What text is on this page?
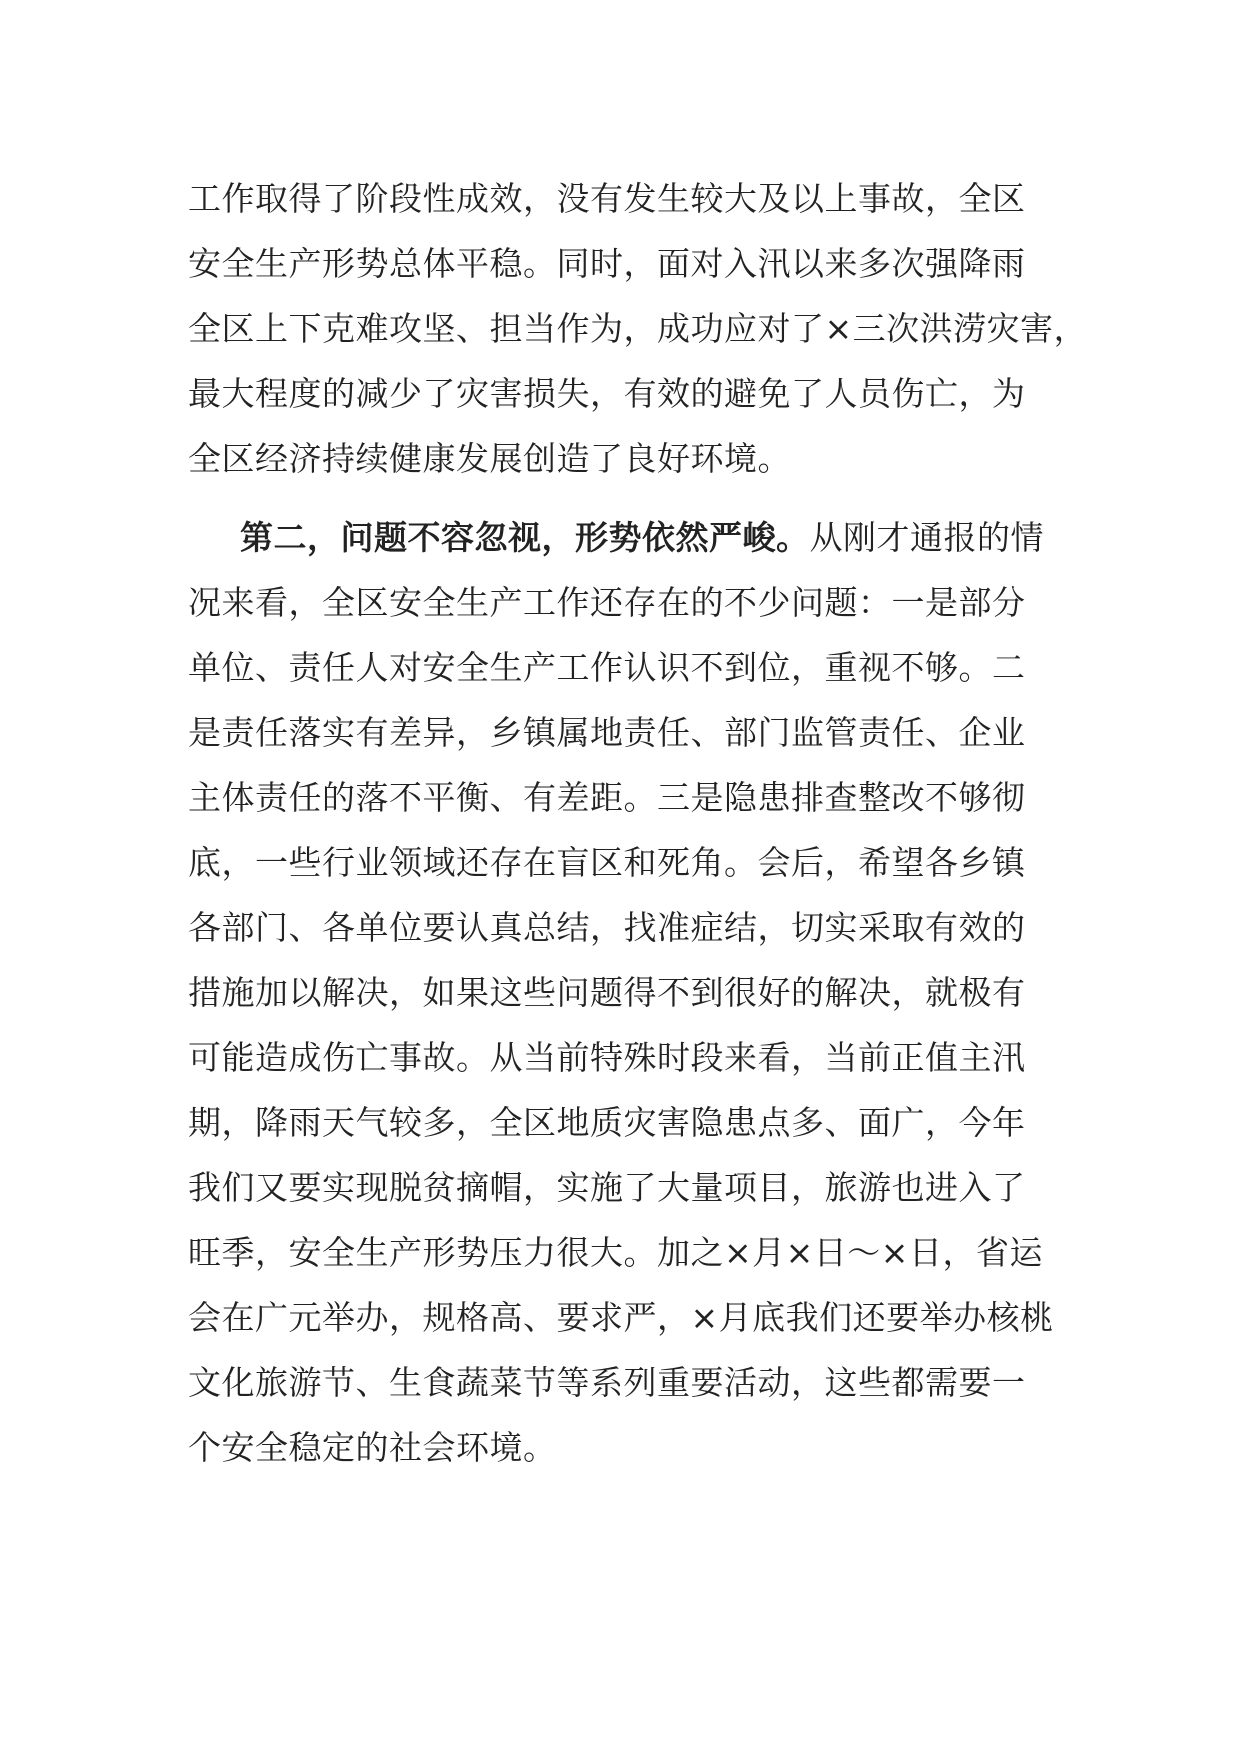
工作取得了阶段性成效，没有发生较大及以上事故，全区
安全生产形势总体平稳。同时，面对入汛以来多次强降雨
全区上下克难攻坚、担当作为，成功应对了×三次洪涝灾害，
最大程度的减少了灾害损失，有效的避免了人员伤亡，为
全区经济持续健康发展创造了良好环境。
第二，问题不容忽视，形势依然严峻。从刚才通报的情
况来看，全区安全生产工作还存在的不少问题：一是部分
单位、责任人对安全生产工作认识不到位，重视不够。二
是责任落实有差异，乡镇属地责任、部门监管责任、企业
主体责任的落不平衡、有差距。三是隐患排查整改不够彻
底，一些行业领域还存在盲区和死角。会后，希望各乡镇
各部门、各单位要认真总结，找准症结，切实采取有效的
措施加以解决，如果这些问题得不到很好的解决，就极有
可能造成伤亡事故。从当前特殊时段来看，当前正值主汛
期，降雨天气较多，全区地质灾害隐患点多、面广，今年
我们又要实现脱贫摘帽，实施了大量项目，旅游也进入了
旺季，安全生产形势压力很大。加之×月×日～×日，省运
会在广元举办，规格高、要求严，×月底我们还要举办核桃
文化旅游节、生食蔬菜节等系列重要活动，这些都需要一
个安全稳定的社会环境。
